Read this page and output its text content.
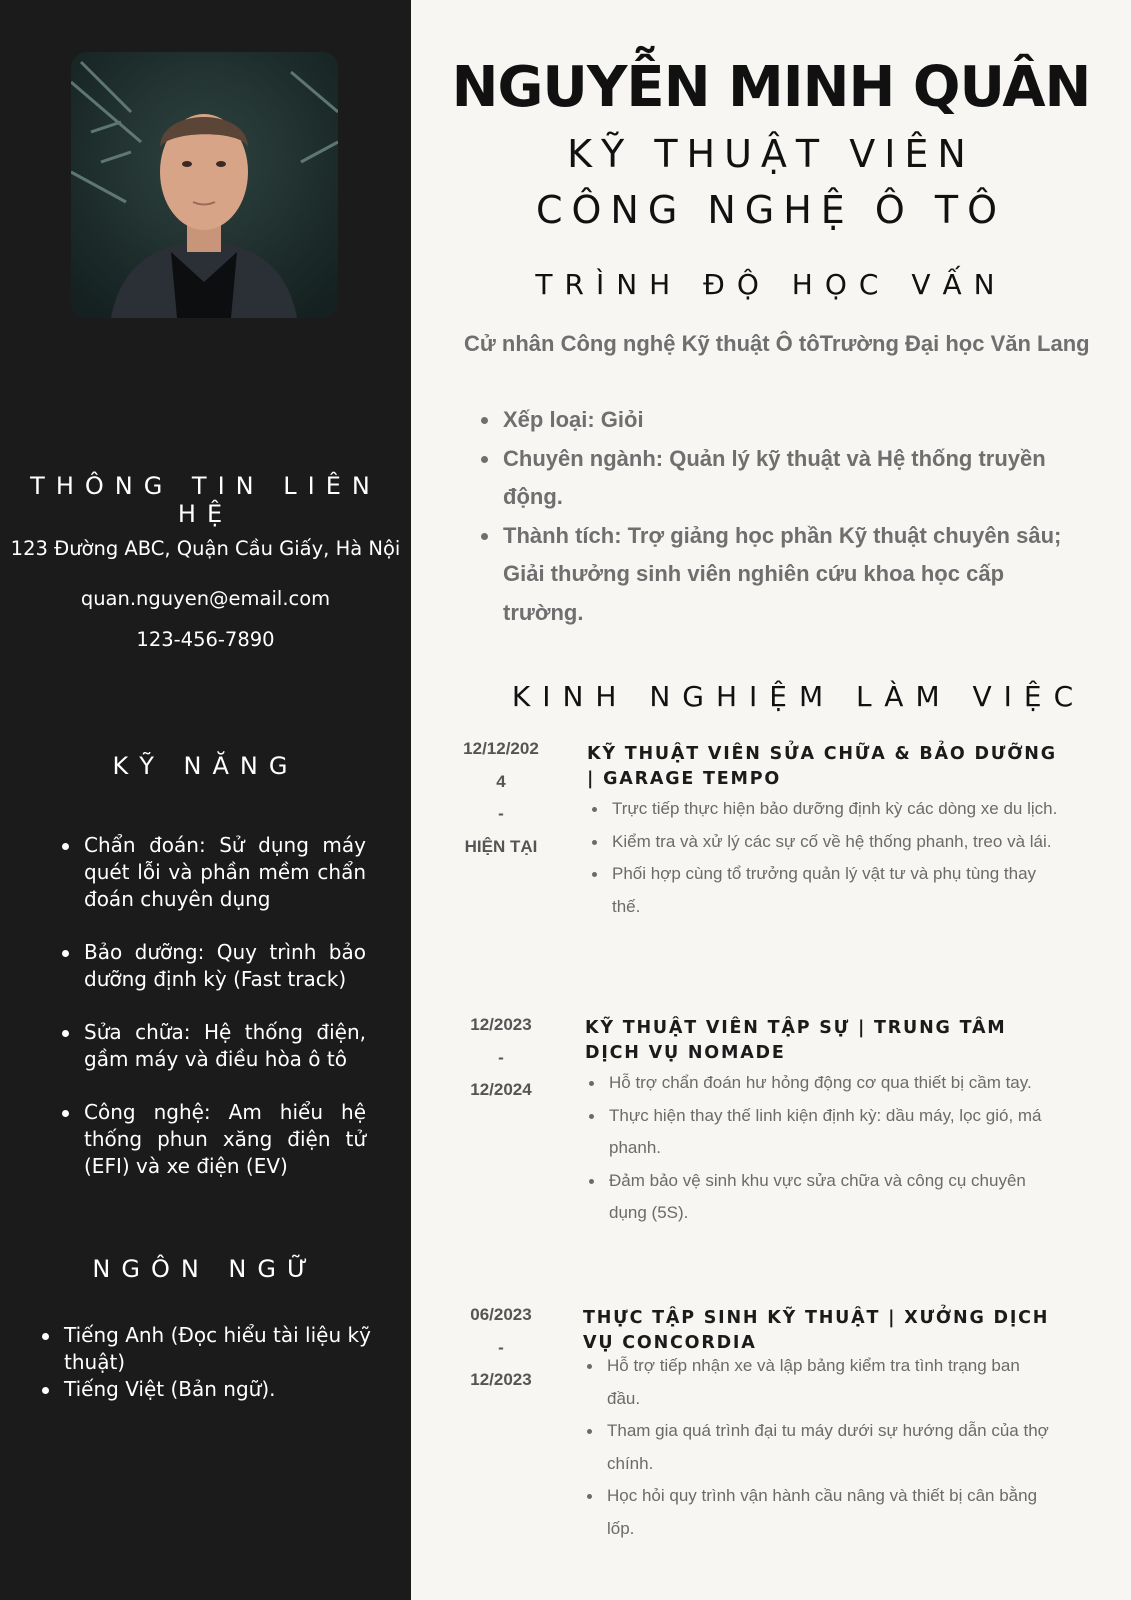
THÔNG TIN LIÊN HỆ
123 Đường ABC, Quận Cầu Giấy, Hà Nội
quan.nguyen@email.com
123-456-7890
KỸ NĂNG
Chẩn đoán: Sử dụng máy quét lỗi và phần mềm chẩn đoán chuyên dụng
Bảo dưỡng: Quy trình bảo dưỡng định kỳ (Fast track)
Sửa chữa: Hệ thống điện, gầm máy và điều hòa ô tô
Công nghệ: Am hiểu hệ thống phun xăng điện tử (EFI) và xe điện (EV)
NGÔN NGỮ
Tiếng Anh (Đọc hiểu tài liệu kỹ thuật)
Tiếng Việt (Bản ngữ).
NGUYỄN MINH QUÂN
KỸ THUẬT VIÊN
CÔNG NGHỆ Ô TÔ
TRÌNH ĐỘ HỌC VẤN
Cử nhân Công nghệ Kỹ thuật Ô tôTrường Đại học Văn Lang
Xếp loại: Giỏi
Chuyên ngành: Quản lý kỹ thuật và Hệ thống truyền động.
Thành tích: Trợ giảng học phần Kỹ thuật chuyên sâu; Giải thưởng sinh viên nghiên cứu khoa học cấp trường.
KINH NGHIỆM LÀM VIỆC
12/12/202
4
-
HIỆN TẠI
KỸ THUẬT VIÊN SỬA CHỮA & BẢO DƯỠNG | GARAGE TEMPO
Trực tiếp thực hiện bảo dưỡng định kỳ các dòng xe du lịch.
Kiểm tra và xử lý các sự cố về hệ thống phanh, treo và lái.
Phối hợp cùng tổ trưởng quản lý vật tư và phụ tùng thay thế.
12/2023
-
12/2024
KỸ THUẬT VIÊN TẬP SỰ | TRUNG TÂM DỊCH VỤ NOMADE
Hỗ trợ chẩn đoán hư hỏng động cơ qua thiết bị cầm tay.
Thực hiện thay thế linh kiện định kỳ: dầu máy, lọc gió, má phanh.
Đảm bảo vệ sinh khu vực sửa chữa và công cụ chuyên dụng (5S).
06/2023
-
12/2023
THỰC TẬP SINH KỸ THUẬT | XƯỞNG DỊCH VỤ CONCORDIA
Hỗ trợ tiếp nhận xe và lập bảng kiểm tra tình trạng ban đầu.
Tham gia quá trình đại tu máy dưới sự hướng dẫn của thợ chính.
Học hỏi quy trình vận hành cầu nâng và thiết bị cân bằng lốp.
